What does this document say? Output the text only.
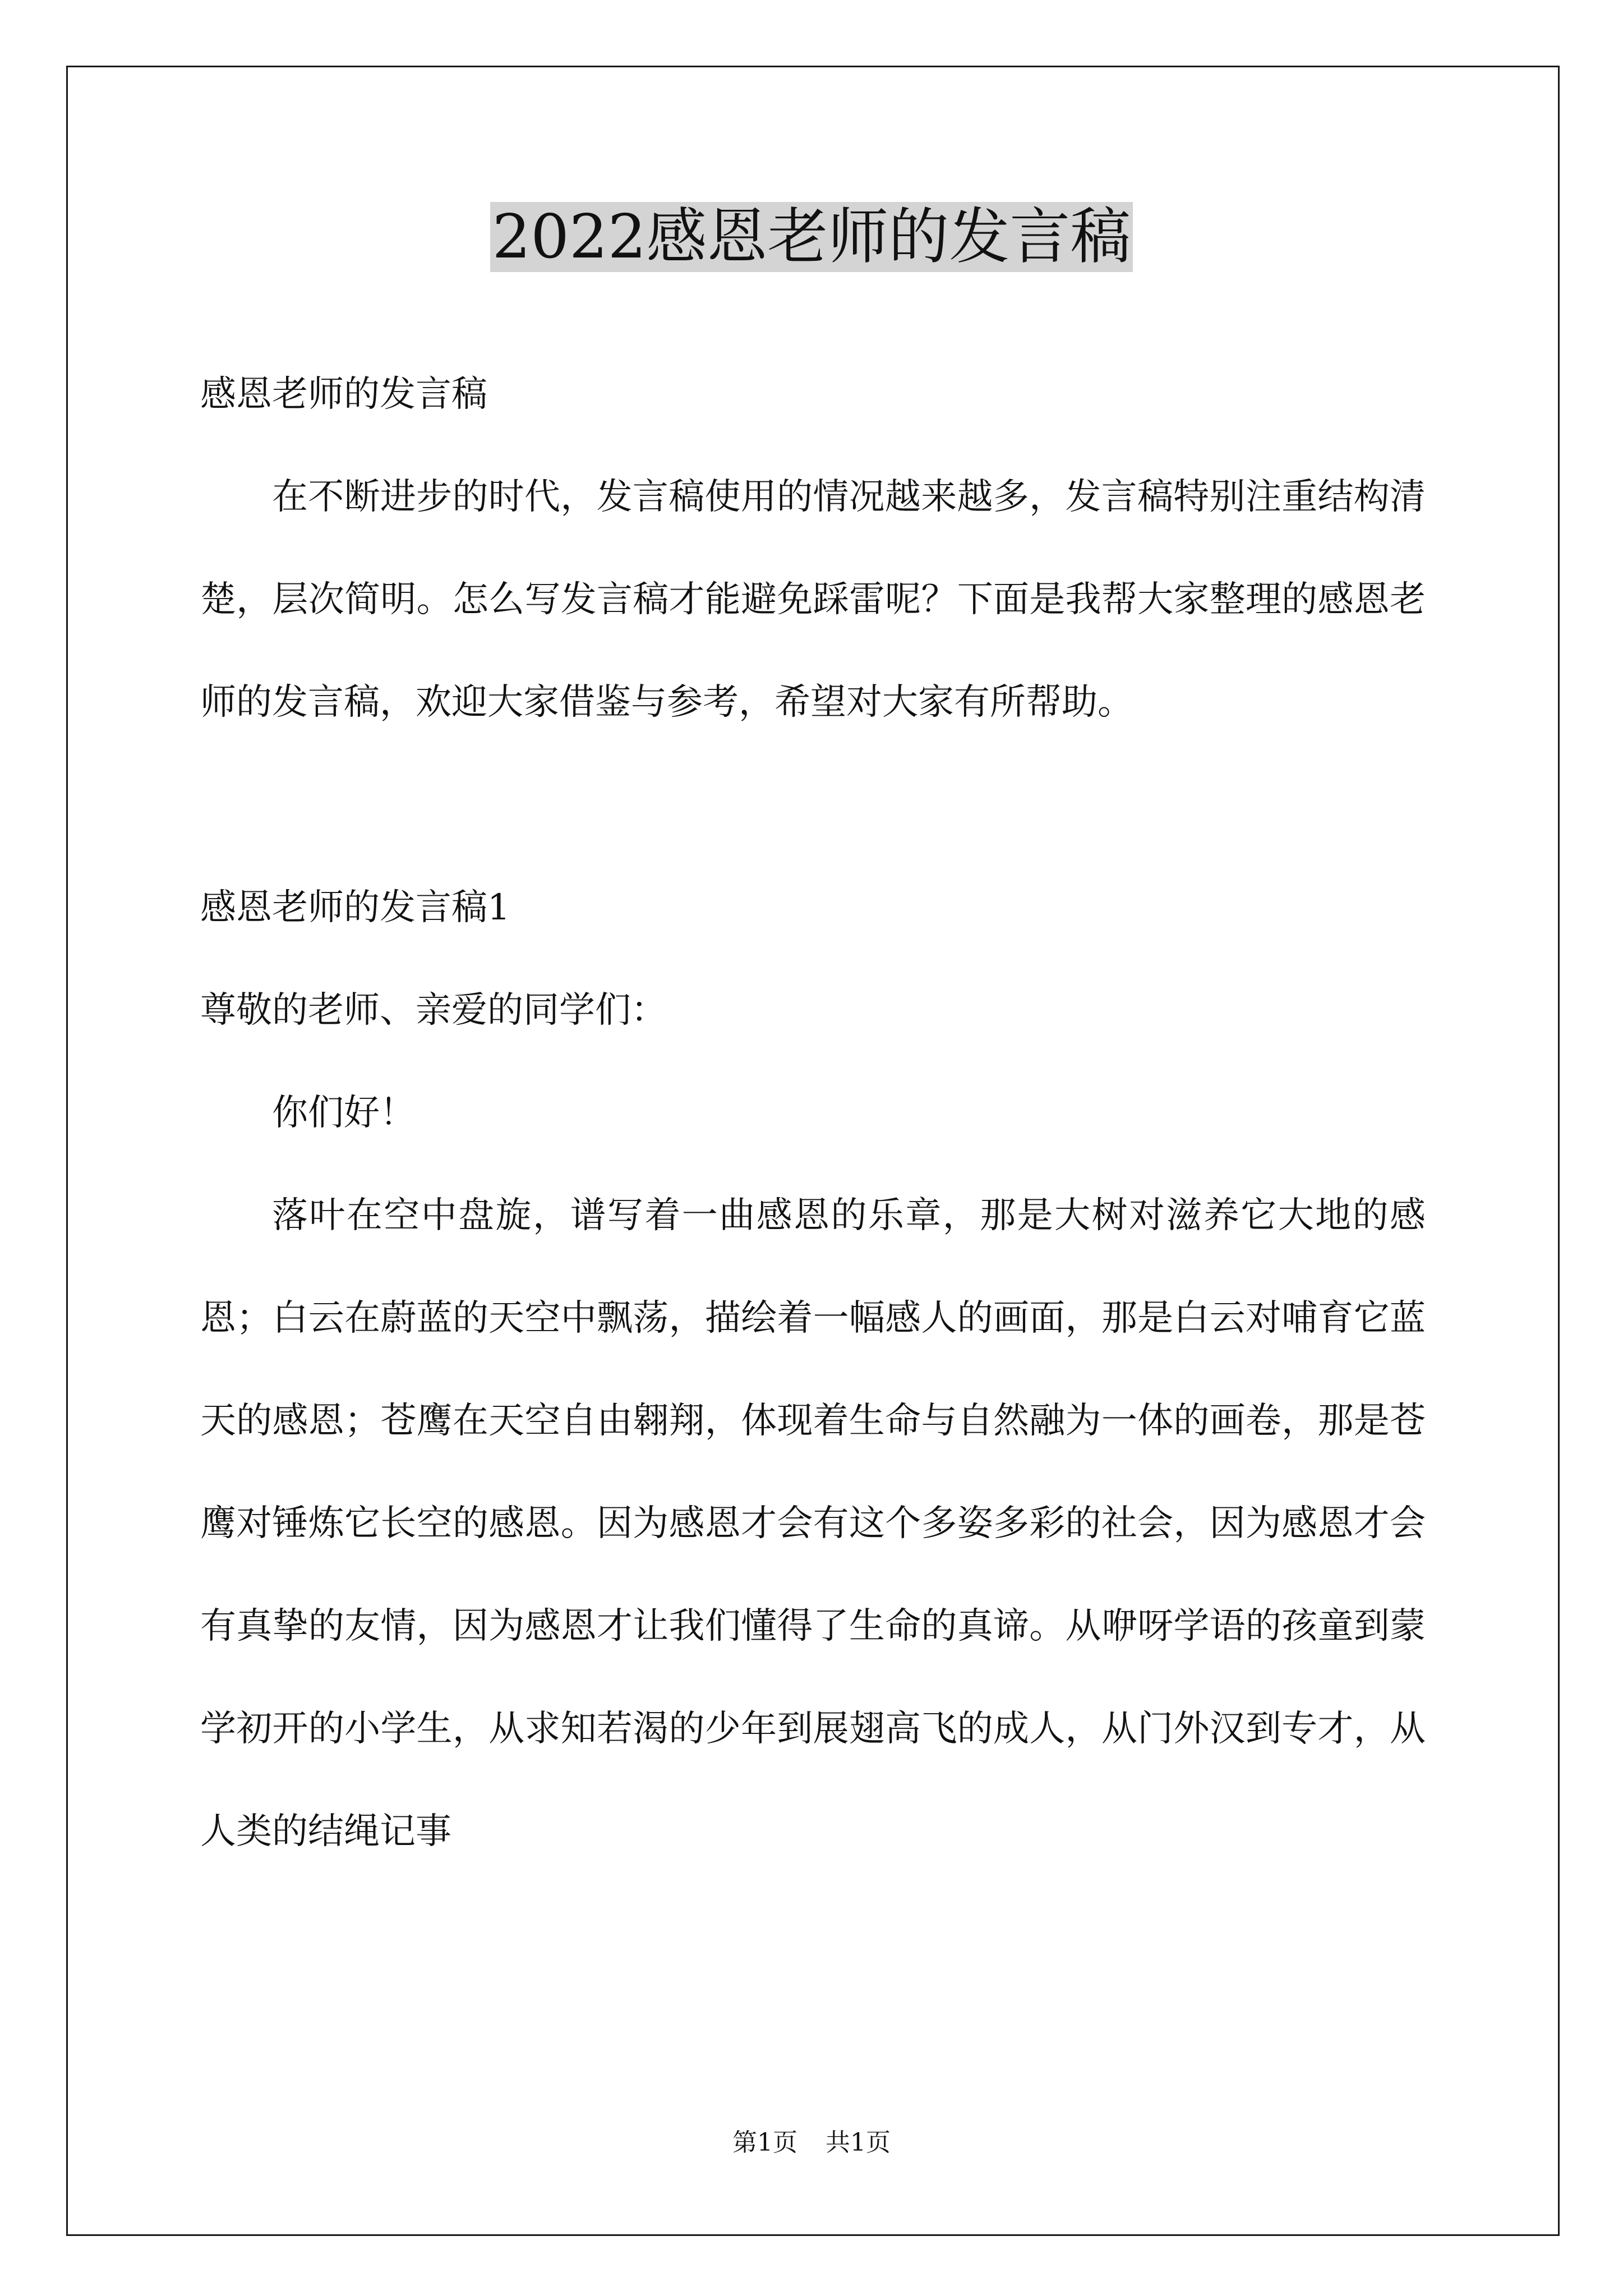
2022感恩老师的发言稿

感恩老师的发言稿

在不断进步的时代，发言稿使用的情况越来越多，发言稿特别注重结构清楚，层次简明。怎么写发言稿才能避免踩雷呢？下面是我帮大家整理的感恩老师的发言稿，欢迎大家借鉴与参考，希望对大家有所帮助。

感恩老师的发言稿1

尊敬的老师、亲爱的同学们：

你们好！

落叶在空中盘旋，谱写着一曲感恩的乐章，那是大树对滋养它大地的感恩；白云在蔚蓝的天空中飘荡，描绘着一幅感人的画面，那是白云对哺育它蓝天的感恩；苍鹰在天空自由翱翔，体现着生命与自然融为一体的画卷，那是苍鹰对锤炼它长空的感恩。因为感恩才会有这个多姿多彩的社会，因为感恩才会有真挚的友情，因为感恩才让我们懂得了生命的真谛。从咿呀学语的孩童到蒙学初开的小学生，从求知若渴的少年到展翅高飞的成人，从门外汉到专才，从人类的结绳记事

第1页 共1页
